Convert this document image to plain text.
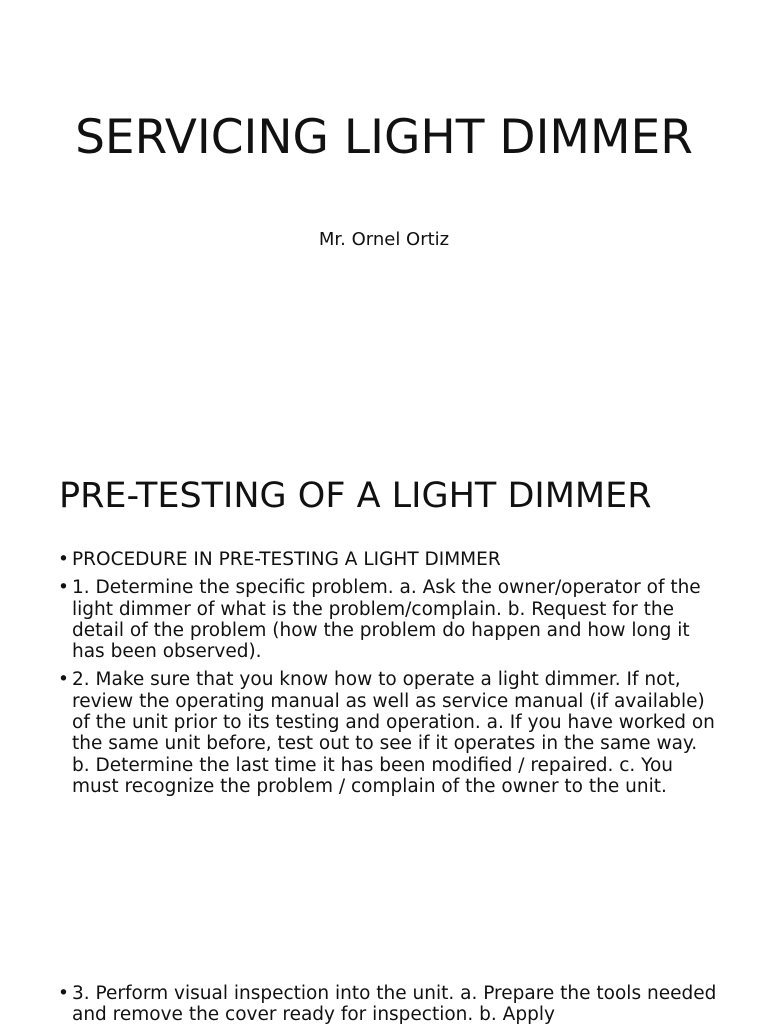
SERVICING LIGHT DIMMER

Mr. Ornel Ortiz

PRE-TESTING OF A LIGHT DIMMER
• PROCEDURE IN PRE-TESTING A LIGHT DIMMER
• 1. Determine the specific problem. a. Ask the owner/operator of the light dimmer of what is the problem/complain. b. Request for the detail of the problem (how the problem do happen and how long it has been observed).
• 2. Make sure that you know how to operate a light dimmer. If not, review the operating manual as well as service manual (if available) of the unit prior to its testing and operation. a. If you have worked on the same unit before, test out to see if it operates in the same way. b. Determine the last time it has been modified / repaired. c. You must recognize the problem / complain of the owner to the unit.
• 3. Perform visual inspection into the unit. a. Prepare the tools needed and remove the cover ready for inspection. b. Apply
